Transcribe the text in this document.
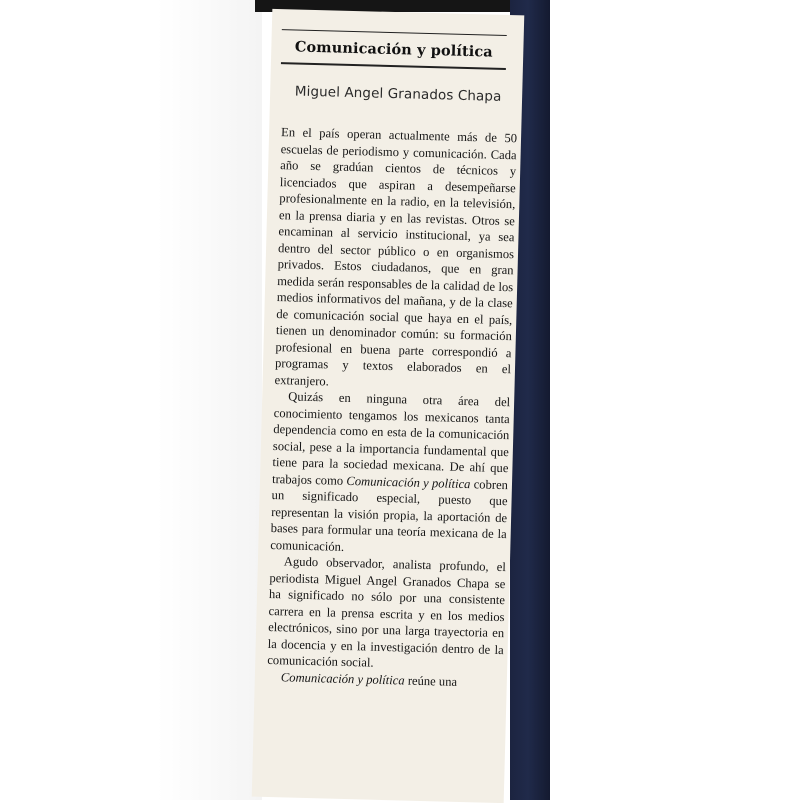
Comunicación y política
Miguel Angel Granados Chapa

En el país operan actualmente más de 50 escuelas de periodismo y comunicación. Cada año se gradúan cientos de técnicos y licenciados que aspiran a desempeñarse profesionalmente en la radio, en la televisión, en la prensa diaria y en las revistas. Otros se encaminan al servicio institucional, ya sea dentro del sector público o en organismos privados. Estos ciudadanos, que en gran medida serán responsables de la calidad de los medios informativos del mañana, y de la clase de comunicación social que haya en el país, tienen un denominador común: su formación profesional en buena parte correspondió a programas y textos elaborados en el extranjero.

Quizás en ninguna otra área del conocimiento tengamos los mexicanos tanta dependencia como en esta de la comunicación social, pese a la importancia fundamental que tiene para la sociedad mexicana. De ahí que trabajos como Comunicación y política cobren un significado especial, puesto que representan la visión propia, la aportación de bases para formular una teoría mexicana de la comunicación.

Agudo observador, analista profundo, el periodista Miguel Angel Granados Chapa se ha significado no sólo por una consistente carrera en la prensa escrita y en los medios electrónicos, sino por una larga trayectoria en la docencia y en la investigación dentro de la comunicación social.

Comunicación y política reúne una
